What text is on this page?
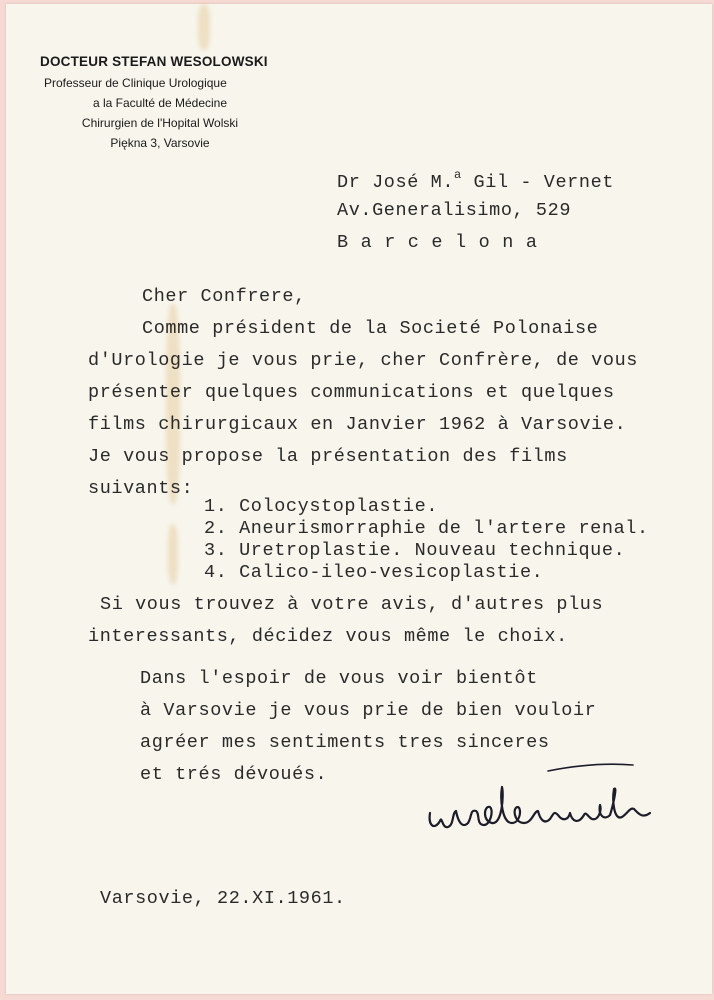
DOCTEUR STEFAN WESOLOWSKI
Professeur de Clinique Urologique
a la Faculté de Médecine
Chirurgien de l'Hopital Wolski
Piękna 3, Varsovie
Dr José M.$^a$ Gil - Vernet
Av.Generalisimo, 529
Barcelona
Cher Confrere,
Comme président de la Societé Polonaise
d'Urologie je vous prie, cher Confrère, de vous
présenter quelques communications et quelques
films chirurgicaux en Janvier 1962 à Varsovie.
Je vous propose la présentation des films
suivants:
1. Colocystoplastie.
2. Aneurismorraphie de l'artere renal.
3. Uretroplastie. Nouveau technique.
4. Calico-ileo-vesicoplastie.
Si vous trouvez à votre avis, d'autres plus
interessants, décidez vous même le choix.
Dans l'espoir de vous voir bientôt
à Varsovie je vous prie de bien vouloir
agréer mes sentiments tres sinceres
et trés dévoués.
Varsovie, 22.XI.1961.
